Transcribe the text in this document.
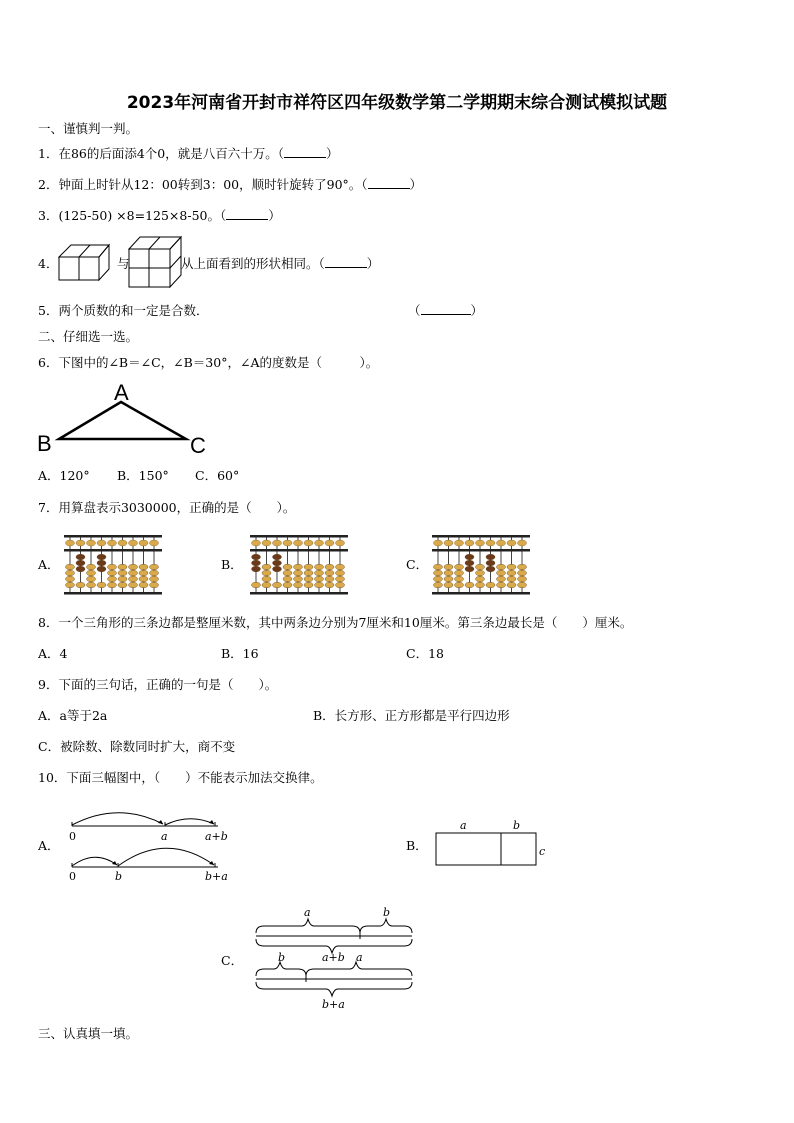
2023年河南省开封市祥符区四年级数学第二学期期末综合测试模拟试题
一、谨慎判一判。
1．在86的后面添4个0，就是八百六十万。（	）
2．钟面上时针从12：00转到3：00，顺时针旋转了90°。（	）
3．(125-50) ×8=125×8-50。（	）
4．	与	从上面看到的形状相同。（	）
5．两个质数的和一定是合数．	（	）
二、仔细选一选。
6．下图中的∠B＝∠C，∠B＝30°，∠A的度数是（　　　）。
A
B	C
A．120° B．150° C．60°
7．用算盘表示3030000，正确的是（　　）。
A．	B．	C．
8．一个三角形的三条边都是整厘米数，其中两条边分别为7厘米和10厘米。第三条边最长是（　　）厘米。
A．4	B．16	C．18
9．下面的三句话，正确的一句是（　　）。
A．a等于2a	B．长方形、正方形都是平行四边形
C．被除数、除数同时扩大，商不变
10．下面三幅图中，（　　）不能表示加法交换律。
A．
0	a	a+b
0	b	b+a
B．
a	b
c
C．
a	b
a+b
b	a
b+a
三、认真填一填。
